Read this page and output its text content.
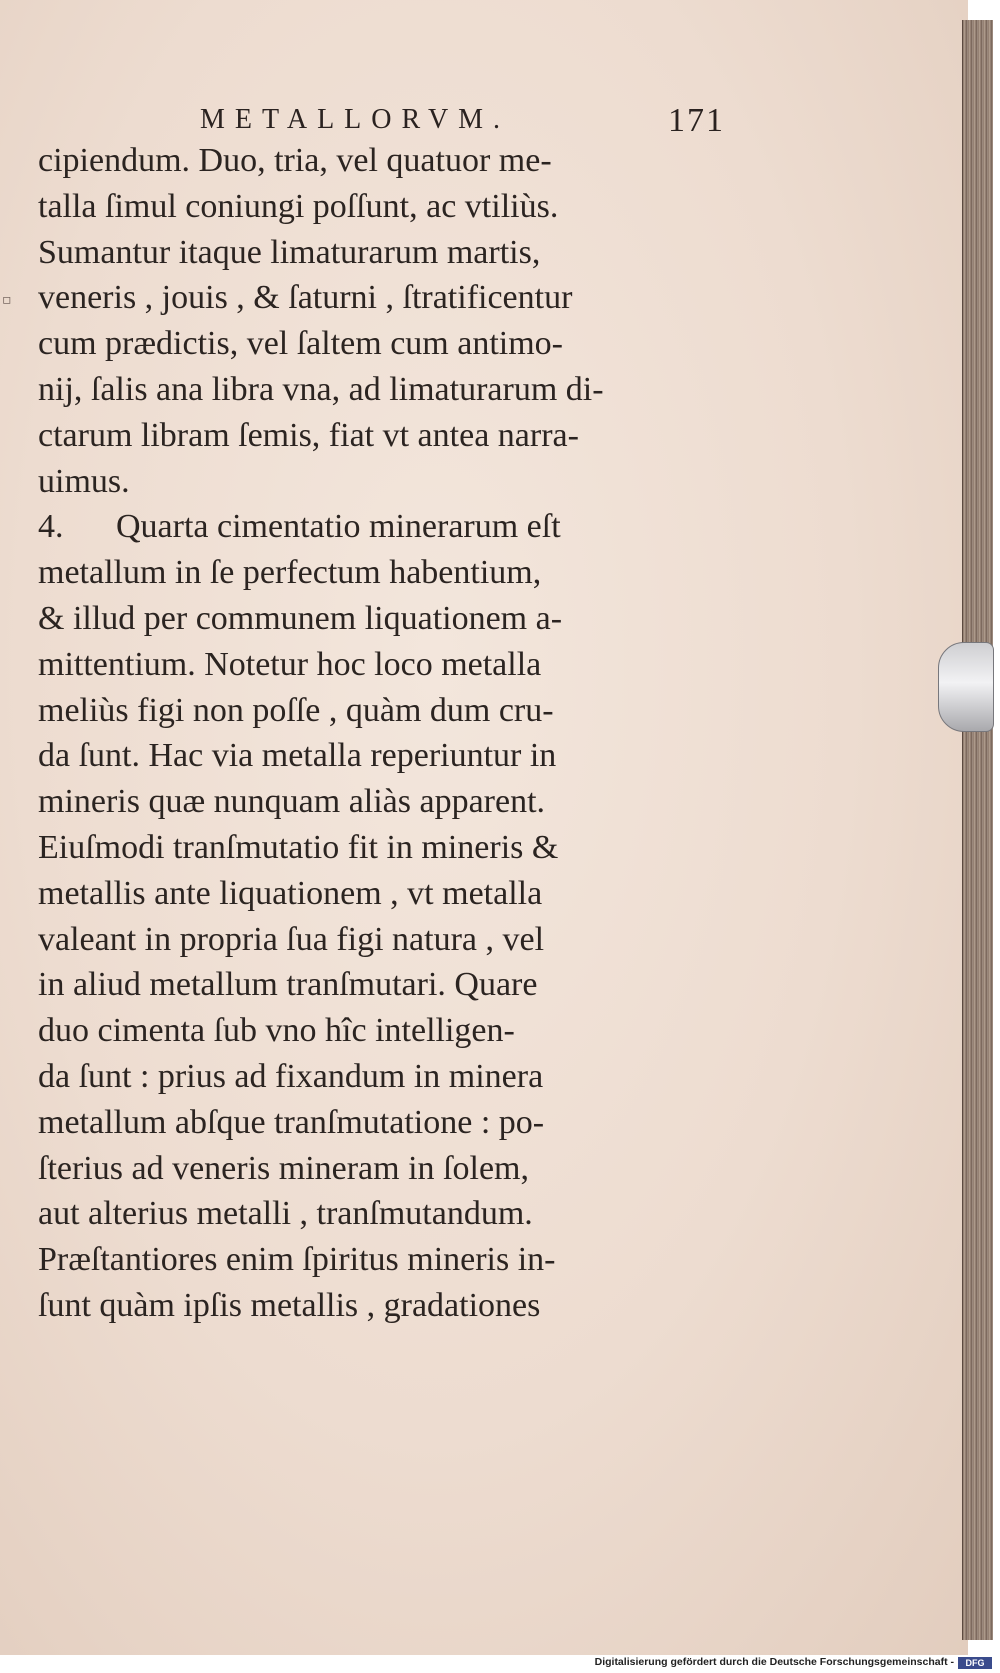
▫
METALLORVM.	171
cipiendum. Duo, tria, vel quatuor me-
talla ſimul coniungi poſſunt, ac vtiliùs.
Sumantur itaque limaturarum martis,
veneris , jouis , & ſaturni , ſtratificentur
cum prædictis, vel ſaltem cum antimo-
nij, ſalis ana libra vna, ad limaturarum di-
ctarum libram ſemis, fiat vt antea narra-
uimus.
4. Quarta cimentatio minerarum eſt
metallum in ſe perfectum habentium,
& illud per communem liquationem a-
mittentium. Notetur hoc loco metalla
meliùs figi non poſſe , quàm dum cru-
da ſunt. Hac via metalla reperiuntur in
mineris quæ nunquam aliàs apparent.
Eiuſmodi tranſmutatio fit in mineris &
metallis ante liquationem , vt metalla
valeant in propria ſua figi natura , vel
in aliud metallum tranſmutari. Quare
duo cimenta ſub vno hîc intelligen-
da ſunt : prius ad fixandum in minera
metallum abſque tranſmutatione : po-
ſterius ad veneris mineram in ſolem,
aut alterius metalli , tranſmutandum.
Præſtantiores enim ſpiritus mineris in-
ſunt quàm ipſis metallis , gradationes
Digitalisierung gefördert durch die Deutsche Forschungsgemeinschaft -	DFG
